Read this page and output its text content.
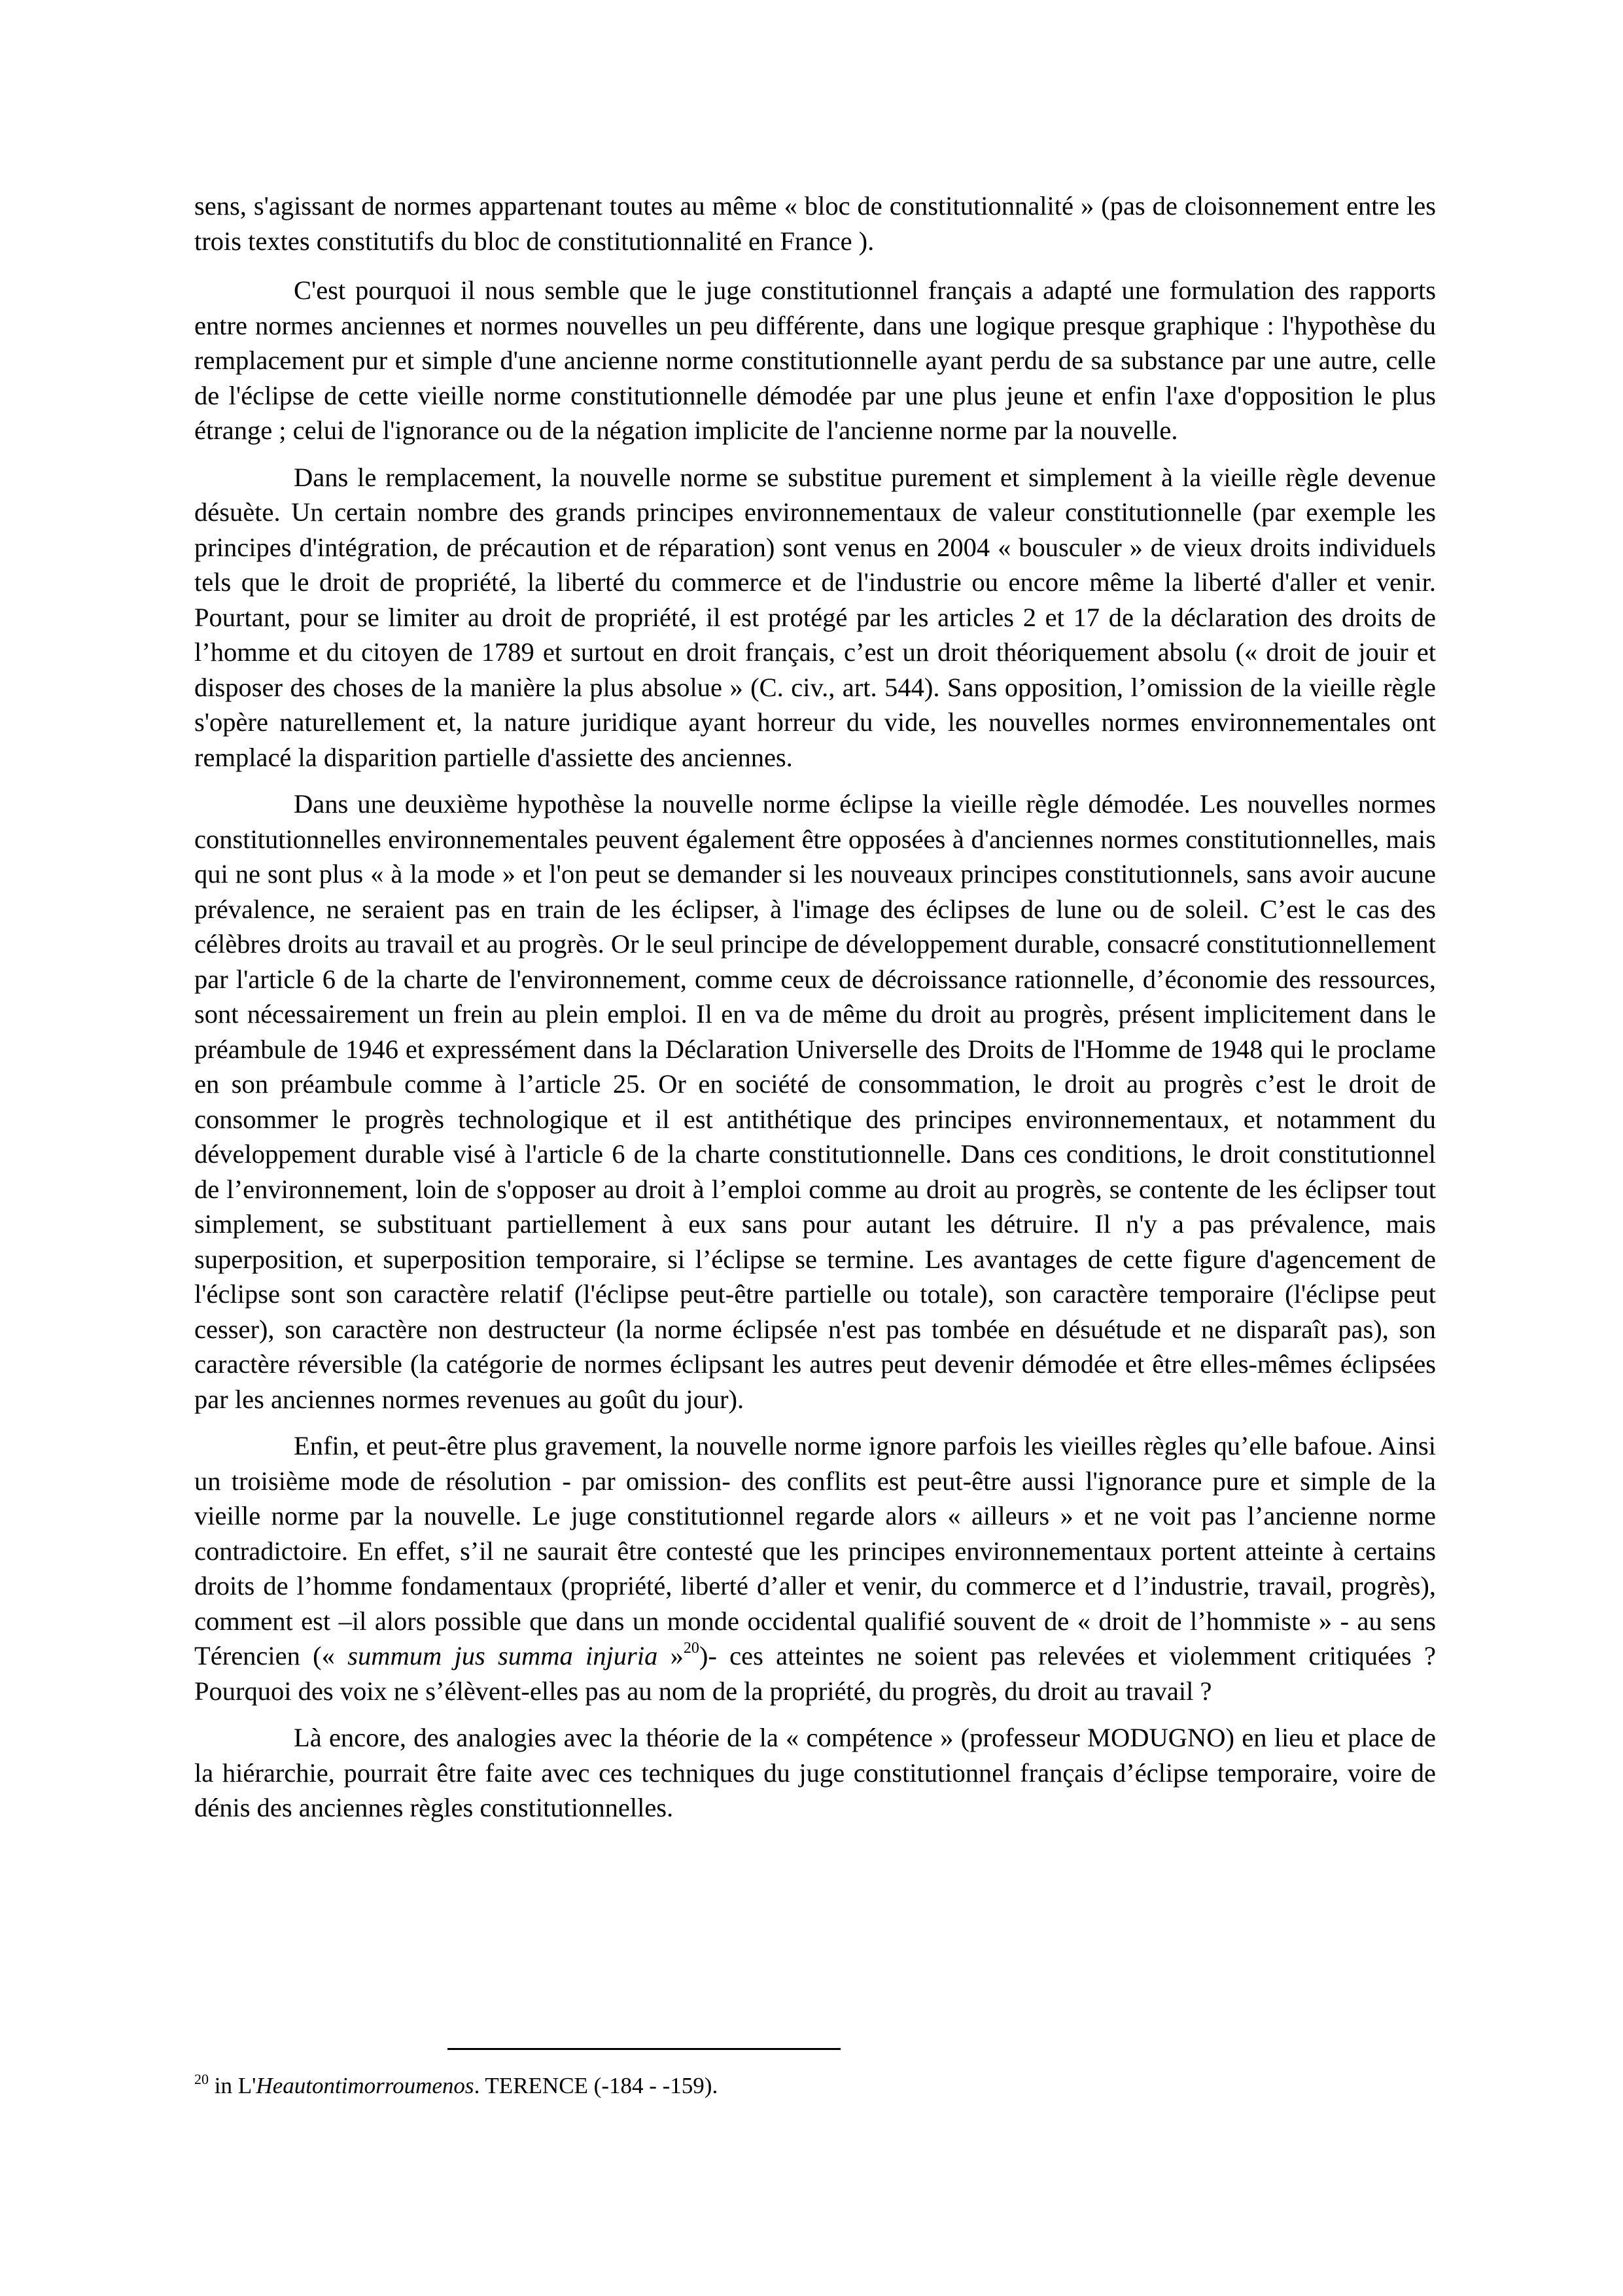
sens, s'agissant de normes appartenant toutes au même « bloc de constitutionnalité » (pas de cloisonnement entre les trois textes constitutifs du bloc de constitutionnalité en France ).

C'est pourquoi il nous semble que le juge constitutionnel français a adapté une formulation des rapports entre normes anciennes et normes nouvelles un peu différente, dans une logique presque graphique : l'hypothèse du remplacement pur et simple d'une ancienne norme constitutionnelle ayant perdu de sa substance par une autre, celle de l'éclipse de cette vieille norme constitutionnelle démodée par une plus jeune et enfin l'axe d'opposition le plus étrange ; celui de l'ignorance ou de la négation implicite de l'ancienne norme par la nouvelle.

Dans le remplacement, la nouvelle norme se substitue purement et simplement à la vieille règle devenue désuète. Un certain nombre des grands principes environnementaux de valeur constitutionnelle (par exemple les principes d'intégration, de précaution et de réparation) sont venus en 2004 « bousculer » de vieux droits individuels tels que le droit de propriété, la liberté du commerce et de l'industrie ou encore même la liberté d'aller et venir. Pourtant, pour se limiter au droit de propriété, il est protégé par les articles 2 et 17 de la déclaration des droits de l’homme et du citoyen de 1789 et surtout en droit français, c’est un droit théoriquement absolu (« droit de jouir et disposer des choses de la manière la plus absolue » (C. civ., art. 544). Sans opposition, l’omission de la vieille règle s'opère naturellement et, la nature juridique ayant horreur du vide, les nouvelles normes environnementales ont remplacé la disparition partielle d'assiette des anciennes.

Dans une deuxième hypothèse la nouvelle norme éclipse la vieille règle démodée. Les nouvelles normes constitutionnelles environnementales peuvent également être opposées à d'anciennes normes constitutionnelles, mais qui ne sont plus « à la mode » et l'on peut se demander si les nouveaux principes constitutionnels, sans avoir aucune prévalence, ne seraient pas en train de les éclipser, à l'image des éclipses de lune ou de soleil. C’est le cas des célèbres droits au travail et au progrès. Or le seul principe de développement durable, consacré constitutionnellement par l'article 6 de la charte de l'environnement, comme ceux de décroissance rationnelle, d’économie des ressources, sont nécessairement un frein au plein emploi. Il en va de même du droit au progrès, présent implicitement dans le préambule de 1946 et expressément dans la Déclaration Universelle des Droits de l'Homme de 1948 qui le proclame en son préambule comme à l’article 25. Or en société de consommation, le droit au progrès c’est le droit de consommer le progrès technologique et il est antithétique des principes environnementaux, et notamment du développement durable visé à l'article 6 de la charte constitutionnelle. Dans ces conditions, le droit constitutionnel de l’environnement, loin de s'opposer au droit à l’emploi comme au droit au progrès, se contente de les éclipser tout simplement, se substituant partiellement à eux sans pour autant les détruire. Il n'y a pas prévalence, mais superposition, et superposition temporaire, si l’éclipse se termine. Les avantages de cette figure d'agencement de l'éclipse sont son caractère relatif (l'éclipse peut-être partielle ou totale), son caractère temporaire (l'éclipse peut cesser), son caractère non destructeur (la norme éclipsée n'est pas tombée en désuétude et ne disparaît pas), son caractère réversible (la catégorie de normes éclipsant les autres peut devenir démodée et être elles-mêmes éclipsées par les anciennes normes revenues au goût du jour).

Enfin, et peut-être plus gravement, la nouvelle norme ignore parfois les vieilles règles qu’elle bafoue. Ainsi un troisième mode de résolution - par omission- des conflits est peut-être aussi l'ignorance pure et simple de la vieille norme par la nouvelle. Le juge constitutionnel regarde alors « ailleurs » et ne voit pas l’ancienne norme contradictoire. En effet, s’il ne saurait être contesté que les principes environnementaux portent atteinte à certains droits de l’homme fondamentaux (propriété, liberté d’aller et venir, du commerce et d l’industrie, travail, progrès), comment est –il alors possible que dans un monde occidental qualifié souvent de « droit de l’hommiste » - au sens Térencien (« summum jus summa injuria »$^{20}$)- ces atteintes ne soient pas relevées et violemment critiquées ? Pourquoi des voix ne s’élèvent-elles pas au nom de la propriété, du progrès, du droit au travail ?

Là encore, des analogies avec la théorie de la « compétence » (professeur MODUGNO) en lieu et place de la hiérarchie, pourrait être faite avec ces techniques du juge constitutionnel français d’éclipse temporaire, voire de dénis des anciennes règles constitutionnelles.

$^{20}$ in L'Heautontimorroumenos. TERENCE (-184 - -159).
